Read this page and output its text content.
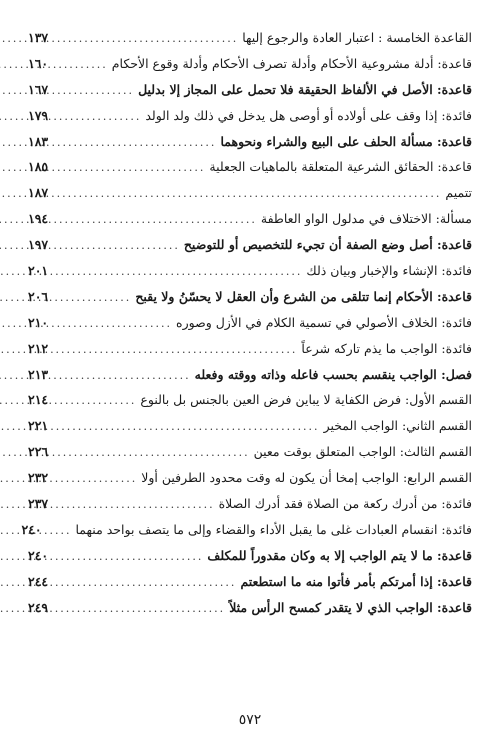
القاعدة الخامسة : اعتبار العادة والرجوع إليها
.....
١٣٧
قاعدة: أدلة مشروعية الأحكام وأدلة تصرف الأحكام وأدلة وقوع الأحكام
.....
١٦٠
قاعدة: الأصل في الألفاظ الحقيقة فلا تحمل على المجاز إلا بدليل
.....
١٦٧
فائدة: إذا وقف على أولاده أو أوصى هل يدخل في ذلك ولد الولد
.....
١٧٩
قاعدة: مسألة الحلف على البيع والشراء ونحوهما
.....
١٨٣
قاعدة: الحقائق الشرعية المتعلقة بالماهيات الجعلية
.....
١٨٥
تتميم
.....
١٨٧
مسألة: الاختلاف في مدلول الواو العاطفة
.....
١٩٤
قاعدة: أصل وضع الصفة أن تجيء للتخصيص أو للتوضيح
.....
١٩٧
فائدة: الإنشاء والإخبار وبيان ذلك
.....
٢٠١
قاعدة: الأحكام إنما تتلقى من الشرع وأن العقل لا يحسّنُ ولا يقبح
.....
٢٠٦
فائدة: الخلاف الأصولي في تسمية الكلام في الأزل وصوره
.....
٢١٠
فائدة: الواجب ما يذم تاركه شرعاً
.....
٢١٢
فصل: الواجب ينقسم بحسب فاعله وذاته ووقته وفعله
.....
٢١٣
القسم الأول: فرض الكفاية لا يباين فرض العين بالجنس بل بالنوع
.....
٢١٤
القسم الثاني: الواجب المخير
.....
٢٢١
القسم الثالث: الواجب المتعلق بوقت معين
.....
٢٢٦
القسم الرابع: الواجب إمخا أن يكون له وقت محدود الطرفين أولا
.....
٢٣٢
فائدة: من أدرك ركعة من الصلاة فقد أدرك الصلاة
.....
٢٣٧
فائدة: انقسام العبادات غلى ما يقبل الأداء والقضاء وإلى ما يتصف بواحد منهما
.....
٢٤٠
قاعدة: ما لا يتم الواجب إلا به وكان مقدوراً للمكلف
.....
٢٤٠
قاعدة: إذا أمرتكم بأمر فأتوا منه ما استطعتم
.....
٢٤٤
قاعدة: الواجب الذي لا يتقدر كمسح الرأس مثلاً
.....
٢٤٩
٥٧٢
